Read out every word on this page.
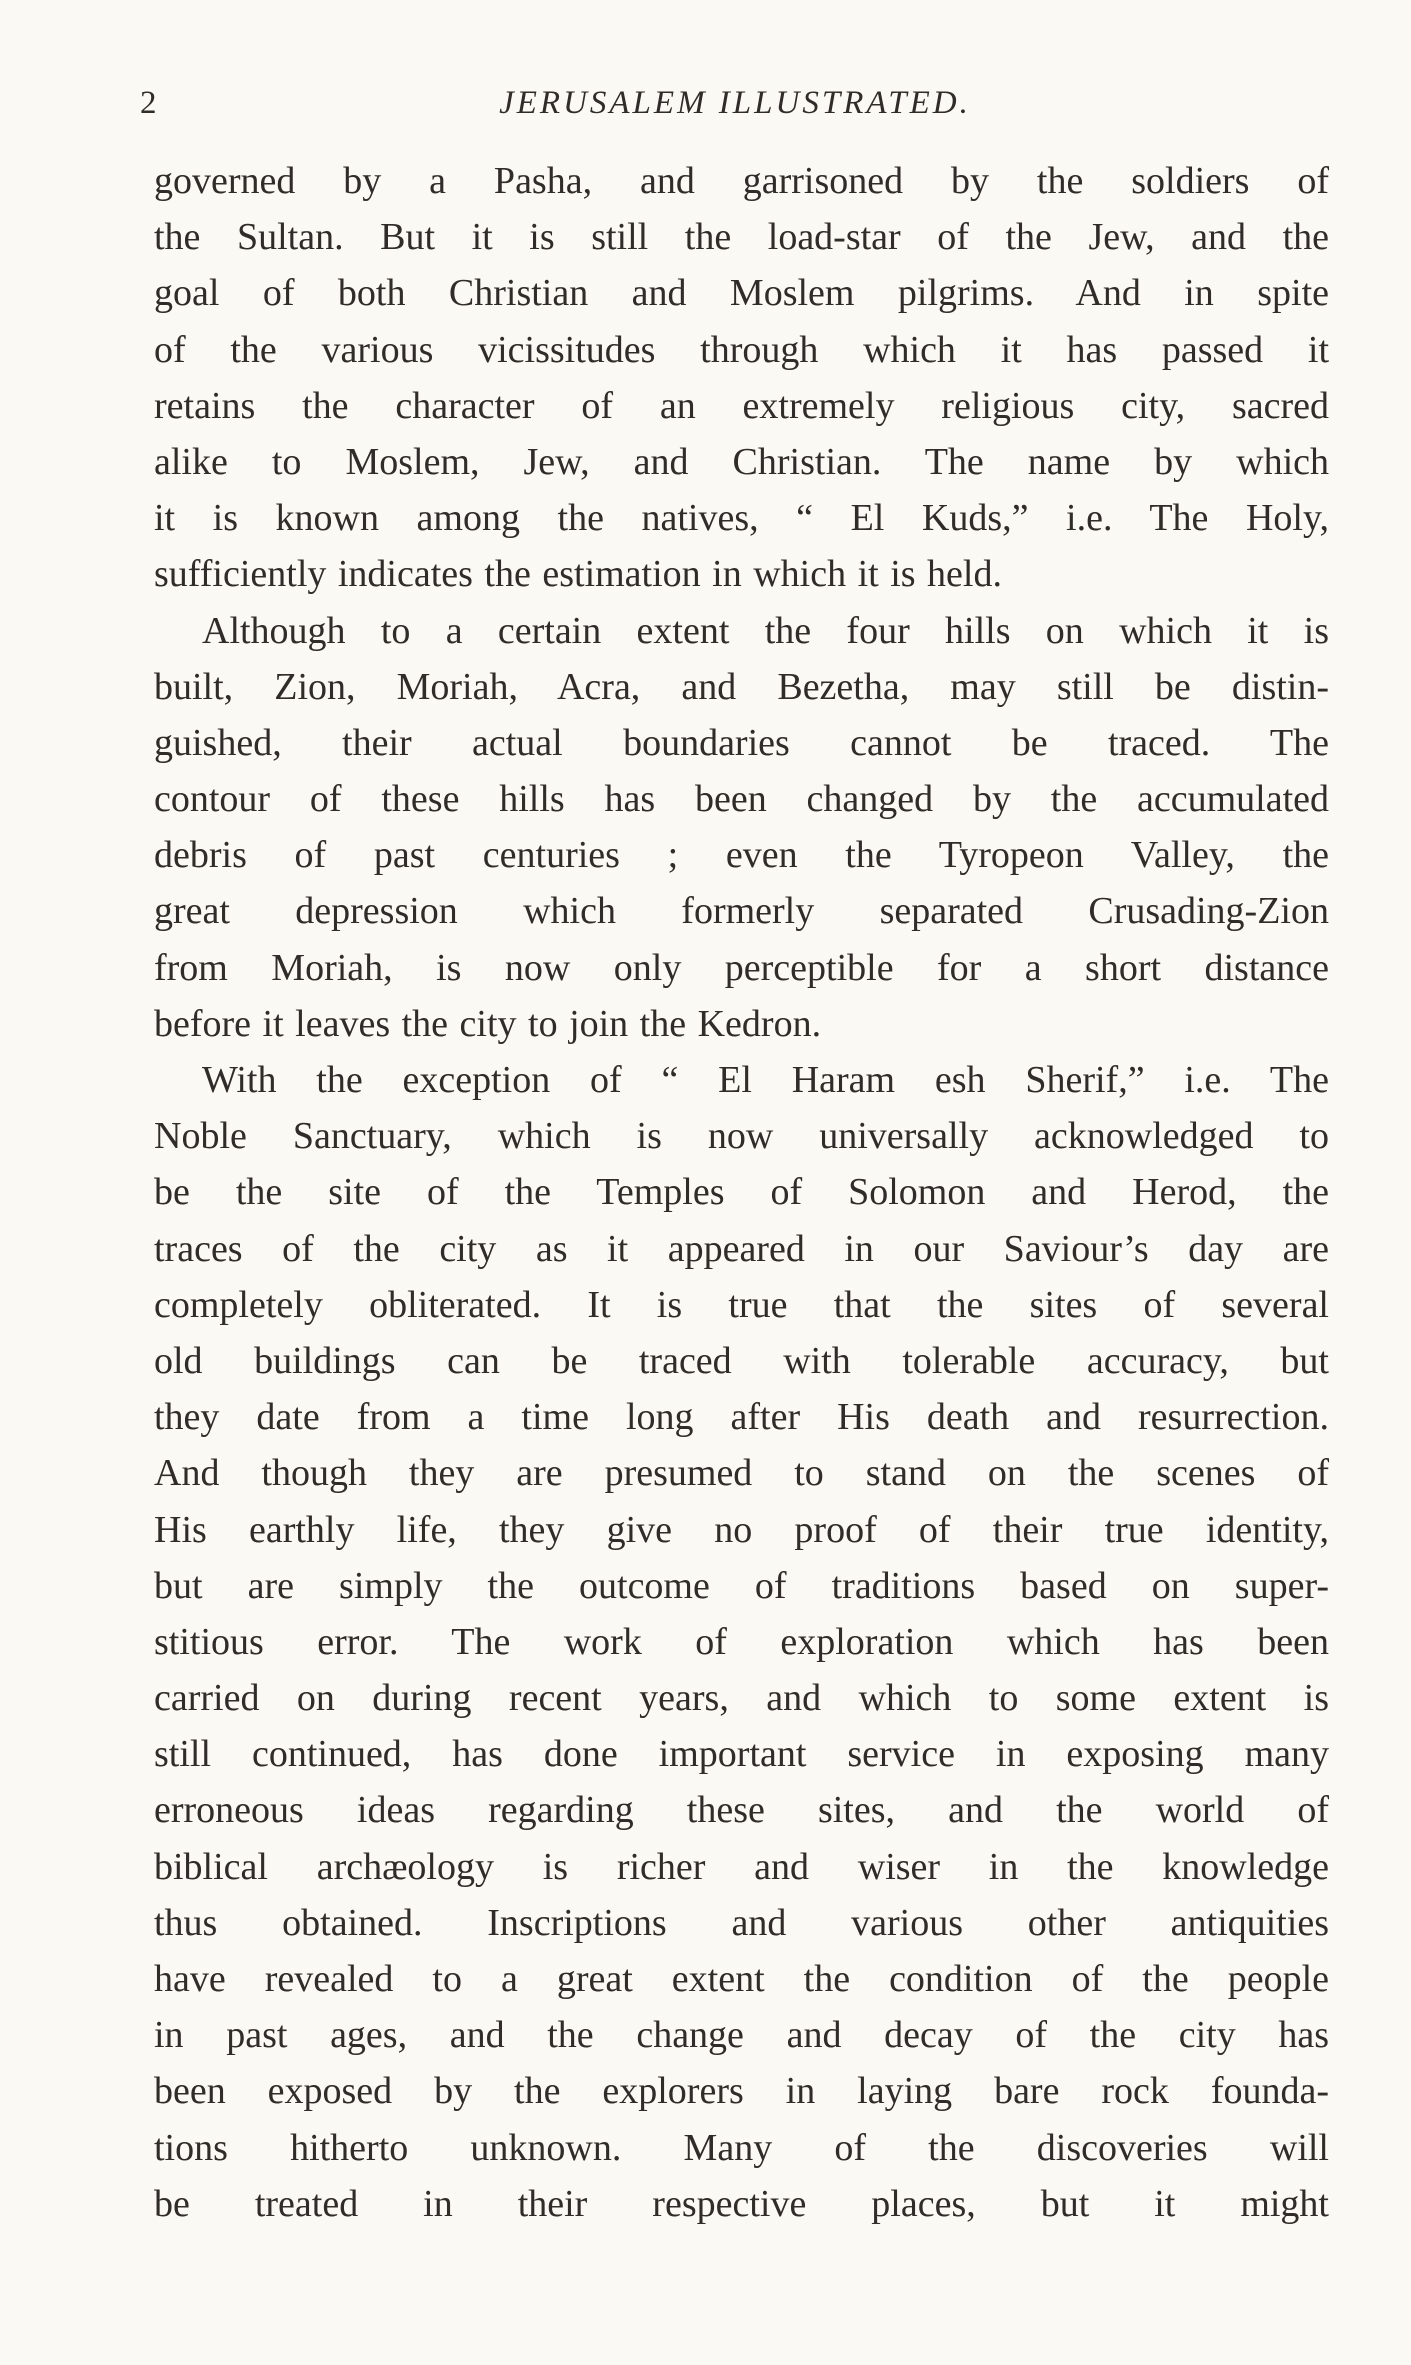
2	JERUSALEM ILLUSTRATED.
governed by a Pasha, and garrisoned by the soldiers of
the Sultan. But it is still the load-star of the Jew, and the
goal of both Christian and Moslem pilgrims. And in spite
of the various vicissitudes through which it has passed it
retains the character of an extremely religious city, sacred
alike to Moslem, Jew, and Christian. The name by which
it is known among the natives, “ El Kuds,” i.e. The Holy,
sufficiently indicates the estimation in which it is held.
Although to a certain extent the four hills on which it is
built, Zion, Moriah, Acra, and Bezetha, may still be distin-
guished, their actual boundaries cannot be traced. The
contour of these hills has been changed by the accumulated
debris of past centuries ; even the Tyropeon Valley, the
great depression which formerly separated Crusading-Zion
from Moriah, is now only perceptible for a short distance
before it leaves the city to join the Kedron.
With the exception of “ El Haram esh Sherif,” i.e. The
Noble Sanctuary, which is now universally acknowledged to
be the site of the Temples of Solomon and Herod, the
traces of the city as it appeared in our Saviour’s day are
completely obliterated. It is true that the sites of several
old buildings can be traced with tolerable accuracy, but
they date from a time long after His death and resurrection.
And though they are presumed to stand on the scenes of
His earthly life, they give no proof of their true identity,
but are simply the outcome of traditions based on super-
stitious error. The work of exploration which has been
carried on during recent years, and which to some extent is
still continued, has done important service in exposing many
erroneous ideas regarding these sites, and the world of
biblical archæology is richer and wiser in the knowledge
thus obtained. Inscriptions and various other antiquities
have revealed to a great extent the condition of the people
in past ages, and the change and decay of the city has
been exposed by the explorers in laying bare rock founda-
tions hitherto unknown. Many of the discoveries will
be treated in their respective places, but it might
